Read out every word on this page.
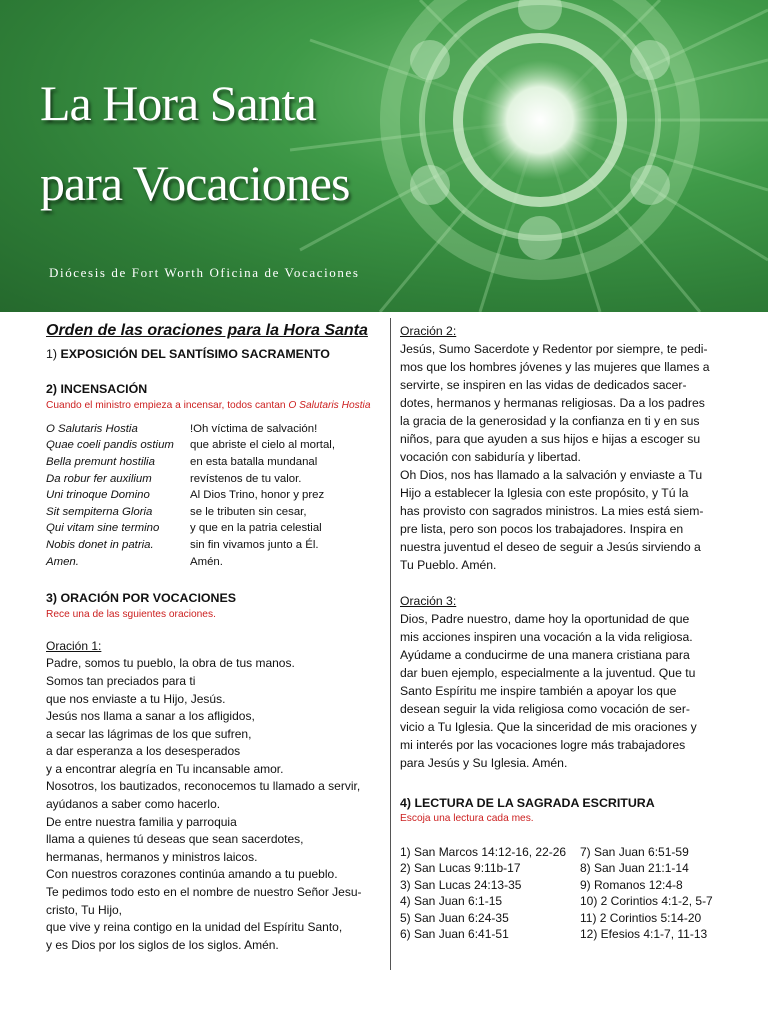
La Hora Santa
para Vocaciones
Diócesis de Fort Worth Oficina de Vocaciones
Orden de las oraciones para la Hora Santa

1) EXPOSICIÓN DEL SANTÍSIMO SACRAMENTO

2) INCENSACIÓN

Cuando el ministro empieza a incensar, todos cantan O Salutaris Hostia

O Salutaris Hostia	!Oh víctima de salvación!
Quae coeli pandis ostium	que abriste el cielo al mortal,
Bella premunt hostilia	en esta batalla mundanal
Da robur fer auxilium	revístenos de tu valor.
Uni trinoque Domino	Al Dios Trino, honor y prez
Sit sempiterna Gloria	se le tributen sin cesar,
Qui vitam sine termino	y que en la patria celestial
Nobis donet in patria.	sin fin vivamos junto a Él.
Amen.	Amén.

3) ORACIÓN POR VOCACIONES

Rece una de las sguientes oraciones.

Oración 1:

Padre, somos tu pueblo, la obra de tus manos.
Somos tan preciados para ti
que nos enviaste a tu Hijo, Jesús.
Jesús nos llama a sanar a los afligidos,
a secar las lágrimas de los que sufren,
a dar esperanza a los desesperados
y a encontrar alegría en Tu incansable amor.
Nosotros, los bautizados, reconocemos tu llamado a servir,
ayúdanos a saber como hacerlo.
De entre nuestra familia y parroquia
llama a quienes tú deseas que sean sacerdotes,
hermanas, hermanos y ministros laicos.
Con nuestros corazones continúa amando a tu pueblo.
Te pedimos todo esto en el nombre de nuestro Señor Jesu-
cristo, Tu Hijo,
que vive y reina contigo en la unidad del Espíritu Santo,
y es Dios por los siglos de los siglos. Amén.

Oración 2:

Jesús, Sumo Sacerdote y Redentor por siempre, te pedi-
mos que los hombres jóvenes y las mujeres que llames a
servirte, se inspiren en las vidas de dedicados sacer-
dotes, hermanos y hermanas religiosas. Da a los padres
la gracia de la generosidad y la confianza en ti y en sus
niños, para que ayuden a sus hijos e hijas a escoger su
vocación con sabiduría y libertad.
Oh Dios, nos has llamado a la salvación y enviaste a Tu
Hijo a establecer la Iglesia con este propósito, y Tú la
has provisto con sagrados ministros. La mies está siem-
pre lista, pero son pocos los trabajadores. Inspira en
nuestra juventud el deseo de seguir a Jesús sirviendo a
Tu Pueblo. Amén.

Oración 3:

Dios, Padre nuestro, dame hoy la oportunidad de que
mis acciones inspiren una vocación a la vida religiosa.
Ayúdame a conducirme de una manera cristiana para
dar buen ejemplo, especialmente a la juventud. Que tu
Santo Espíritu me inspire también a apoyar los que
desean seguir la vida religiosa como vocación de ser-
vicio a Tu Iglesia. Que la sinceridad de mis oraciones y
mi interés por las vocaciones logre más trabajadores
para Jesús y Su Iglesia. Amén.

4) LECTURA DE LA SAGRADA ESCRITURA

Escoja una lectura cada mes.

1) San Marcos 14:12-16, 22-26	7) San Juan 6:51-59
2) San Lucas 9:11b-17	8) San Juan 21:1-14
3) San Lucas 24:13-35	9) Romanos 12:4-8
4) San Juan 6:1-15	10) 2 Corintios 4:1-2, 5-7
5) San Juan 6:24-35	11) 2 Corintios 5:14-20
6) San Juan 6:41-51	12) Efesios 4:1-7, 11-13
